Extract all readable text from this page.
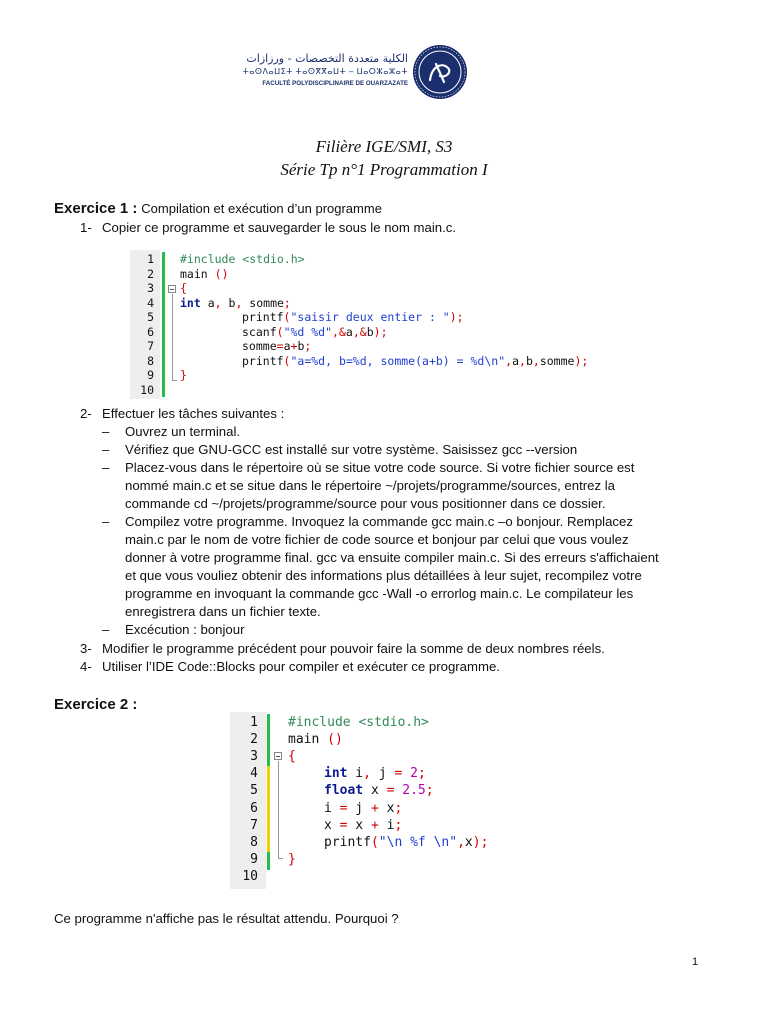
الكلية متعددة التخصصات - ورزازات
ⵜⴰⵙⴷⴰⵡⵉⵜ ⵜⴰⵙⴳⴳⴰⵡⵜ – ⵡⴰⵔⵣⴰⵣⴰⵜ
FACULTÉ POLYDISCIPLINAIRE DE OUARZAZATE
Filière IGE/SMI, S3
Série Tp n°1 Programmation I
Exercice 1 : Compilation et exécution d’un programme
1- Copier ce programme et sauvegarder le sous le nom main.c.
#include <stdio.h>
main ()
{
int a, b, somme;
printf("saisir deux entier : ");
scanf("%d %d",&a,&b);
somme=a+b;
printf("a=%d, b=%d, somme(a+b) = %d\n",a,b,somme);
}
1
2
3
4
5
6
7
8
9
10
2- Effectuer les tâches suivantes :
– Ouvrez un terminal.
– Vérifiez que GNU-GCC est installé sur votre système. Saisissez gcc --version
– Placez-vous dans le répertoire où se situe votre code source. Si votre fichier source est
nommé main.c et se situe dans le répertoire ~/projets/programme/sources, entrez la
commande cd ~/projets/programme/source pour vous positionner dans ce dossier.
– Compilez votre programme. Invoquez la commande gcc main.c –o bonjour. Remplacez
main.c par le nom de votre fichier de code source et bonjour par celui que vous voulez
donner à votre programme final. gcc va ensuite compiler main.c. Si des erreurs s'affichaient
et que vous vouliez obtenir des informations plus détaillées à leur sujet, recompilez votre
programme en invoquant la commande gcc -Wall -o errorlog main.c. Le compilateur les
enregistrera dans un fichier texte.
– Excécution : bonjour
3- Modifier le programme précédent pour pouvoir faire la somme de deux nombres réels.
4- Utiliser l’IDE Code::Blocks pour compiler et exécuter ce programme.
Exercice 2 :
#include <stdio.h>
main ()
{
int i, j = 2;
float x = 2.5;
i = j + x;
x = x + i;
printf("\n %f \n",x);
}
1
2
3
4
5
6
7
8
9
10
Ce programme n'affiche pas le résultat attendu. Pourquoi ?
1
